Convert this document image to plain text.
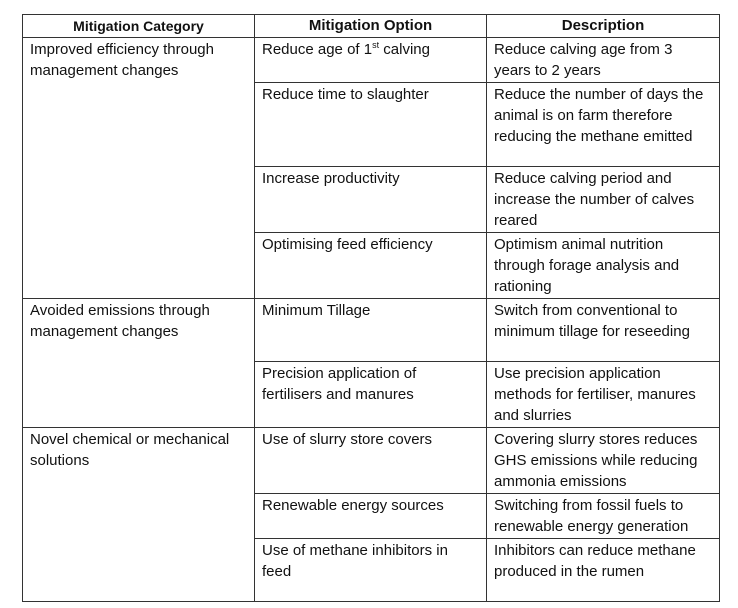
Mitigation Category	Mitigation Option	Description
Improved efficiency through management changes	Reduce age of 1st calving	Reduce calving age from 3 years to 2 years
	Reduce time to slaughter	Reduce the number of days the animal is on farm therefore reducing the methane emitted
	Increase productivity	Reduce calving period and increase the number of calves reared
	Optimising feed efficiency	Optimism animal nutrition through forage analysis and rationing
Avoided emissions through management changes	Minimum Tillage	Switch from conventional to minimum tillage for reseeding
	Precision application of fertilisers and manures	Use precision application methods for fertiliser, manures and slurries
Novel chemical or mechanical solutions	Use of slurry store covers	Covering slurry stores reduces GHS emissions while reducing ammonia emissions
	Renewable energy sources	Switching from fossil fuels to renewable energy generation
	Use of methane inhibitors in feed	Inhibitors can reduce methane produced in the rumen
